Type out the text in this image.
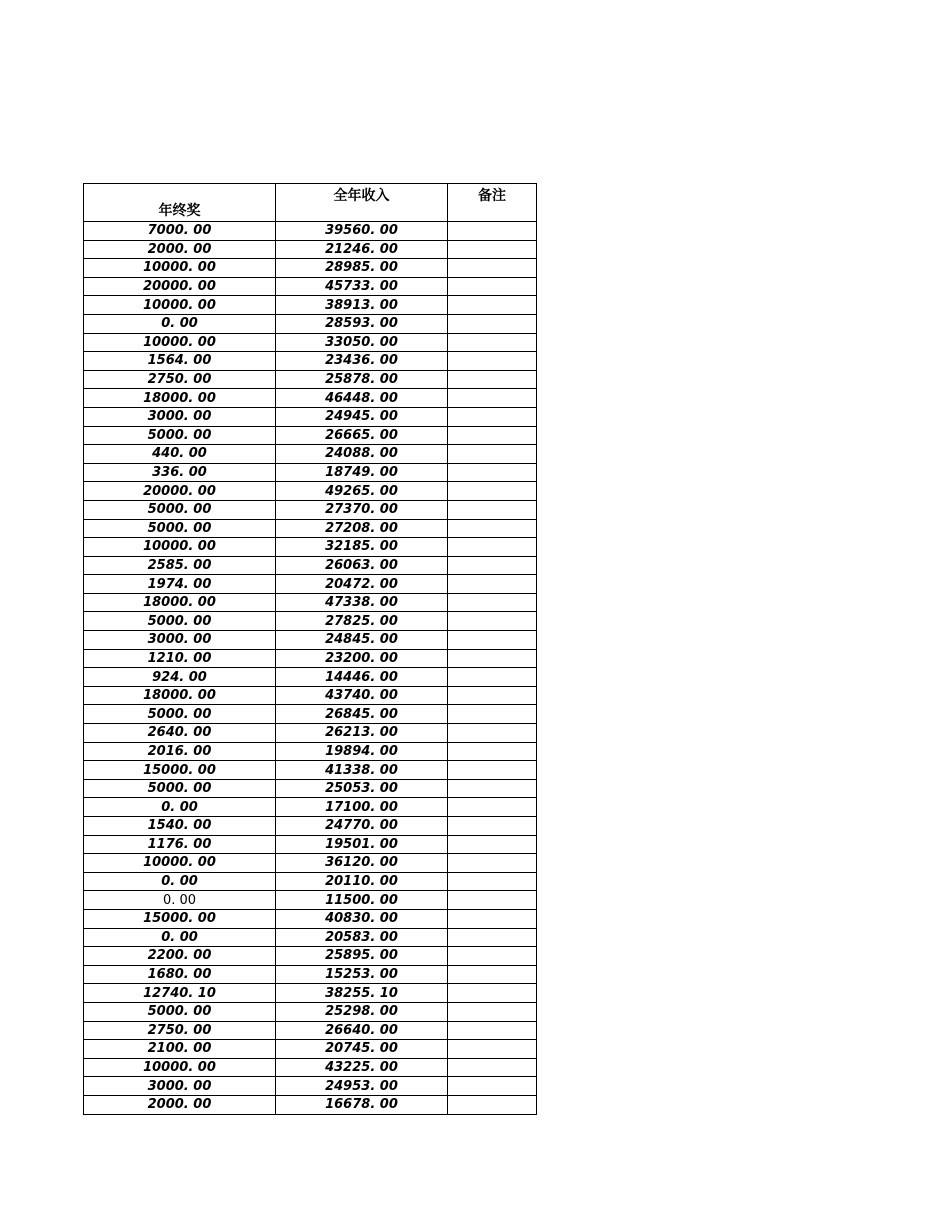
年终奖	全年收入	备注
7000. 00	39560. 00	
2000. 00	21246. 00	
10000. 00	28985. 00	
20000. 00	45733. 00	
10000. 00	38913. 00	
0. 00	28593. 00	
10000. 00	33050. 00	
1564. 00	23436. 00	
2750. 00	25878. 00	
18000. 00	46448. 00	
3000. 00	24945. 00	
5000. 00	26665. 00	
440. 00	24088. 00	
336. 00	18749. 00	
20000. 00	49265. 00	
5000. 00	27370. 00	
5000. 00	27208. 00	
10000. 00	32185. 00	
2585. 00	26063. 00	
1974. 00	20472. 00	
18000. 00	47338. 00	
5000. 00	27825. 00	
3000. 00	24845. 00	
1210. 00	23200. 00	
924. 00	14446. 00	
18000. 00	43740. 00	
5000. 00	26845. 00	
2640. 00	26213. 00	
2016. 00	19894. 00	
15000. 00	41338. 00	
5000. 00	25053. 00	
0. 00	17100. 00	
1540. 00	24770. 00	
1176. 00	19501. 00	
10000. 00	36120. 00	
0. 00	20110. 00	
0. 00	11500. 00	
15000. 00	40830. 00	
0. 00	20583. 00	
2200. 00	25895. 00	
1680. 00	15253. 00	
12740. 10	38255. 10	
5000. 00	25298. 00	
2750. 00	26640. 00	
2100. 00	20745. 00	
10000. 00	43225. 00	
3000. 00	24953. 00	
2000. 00	16678. 00	
